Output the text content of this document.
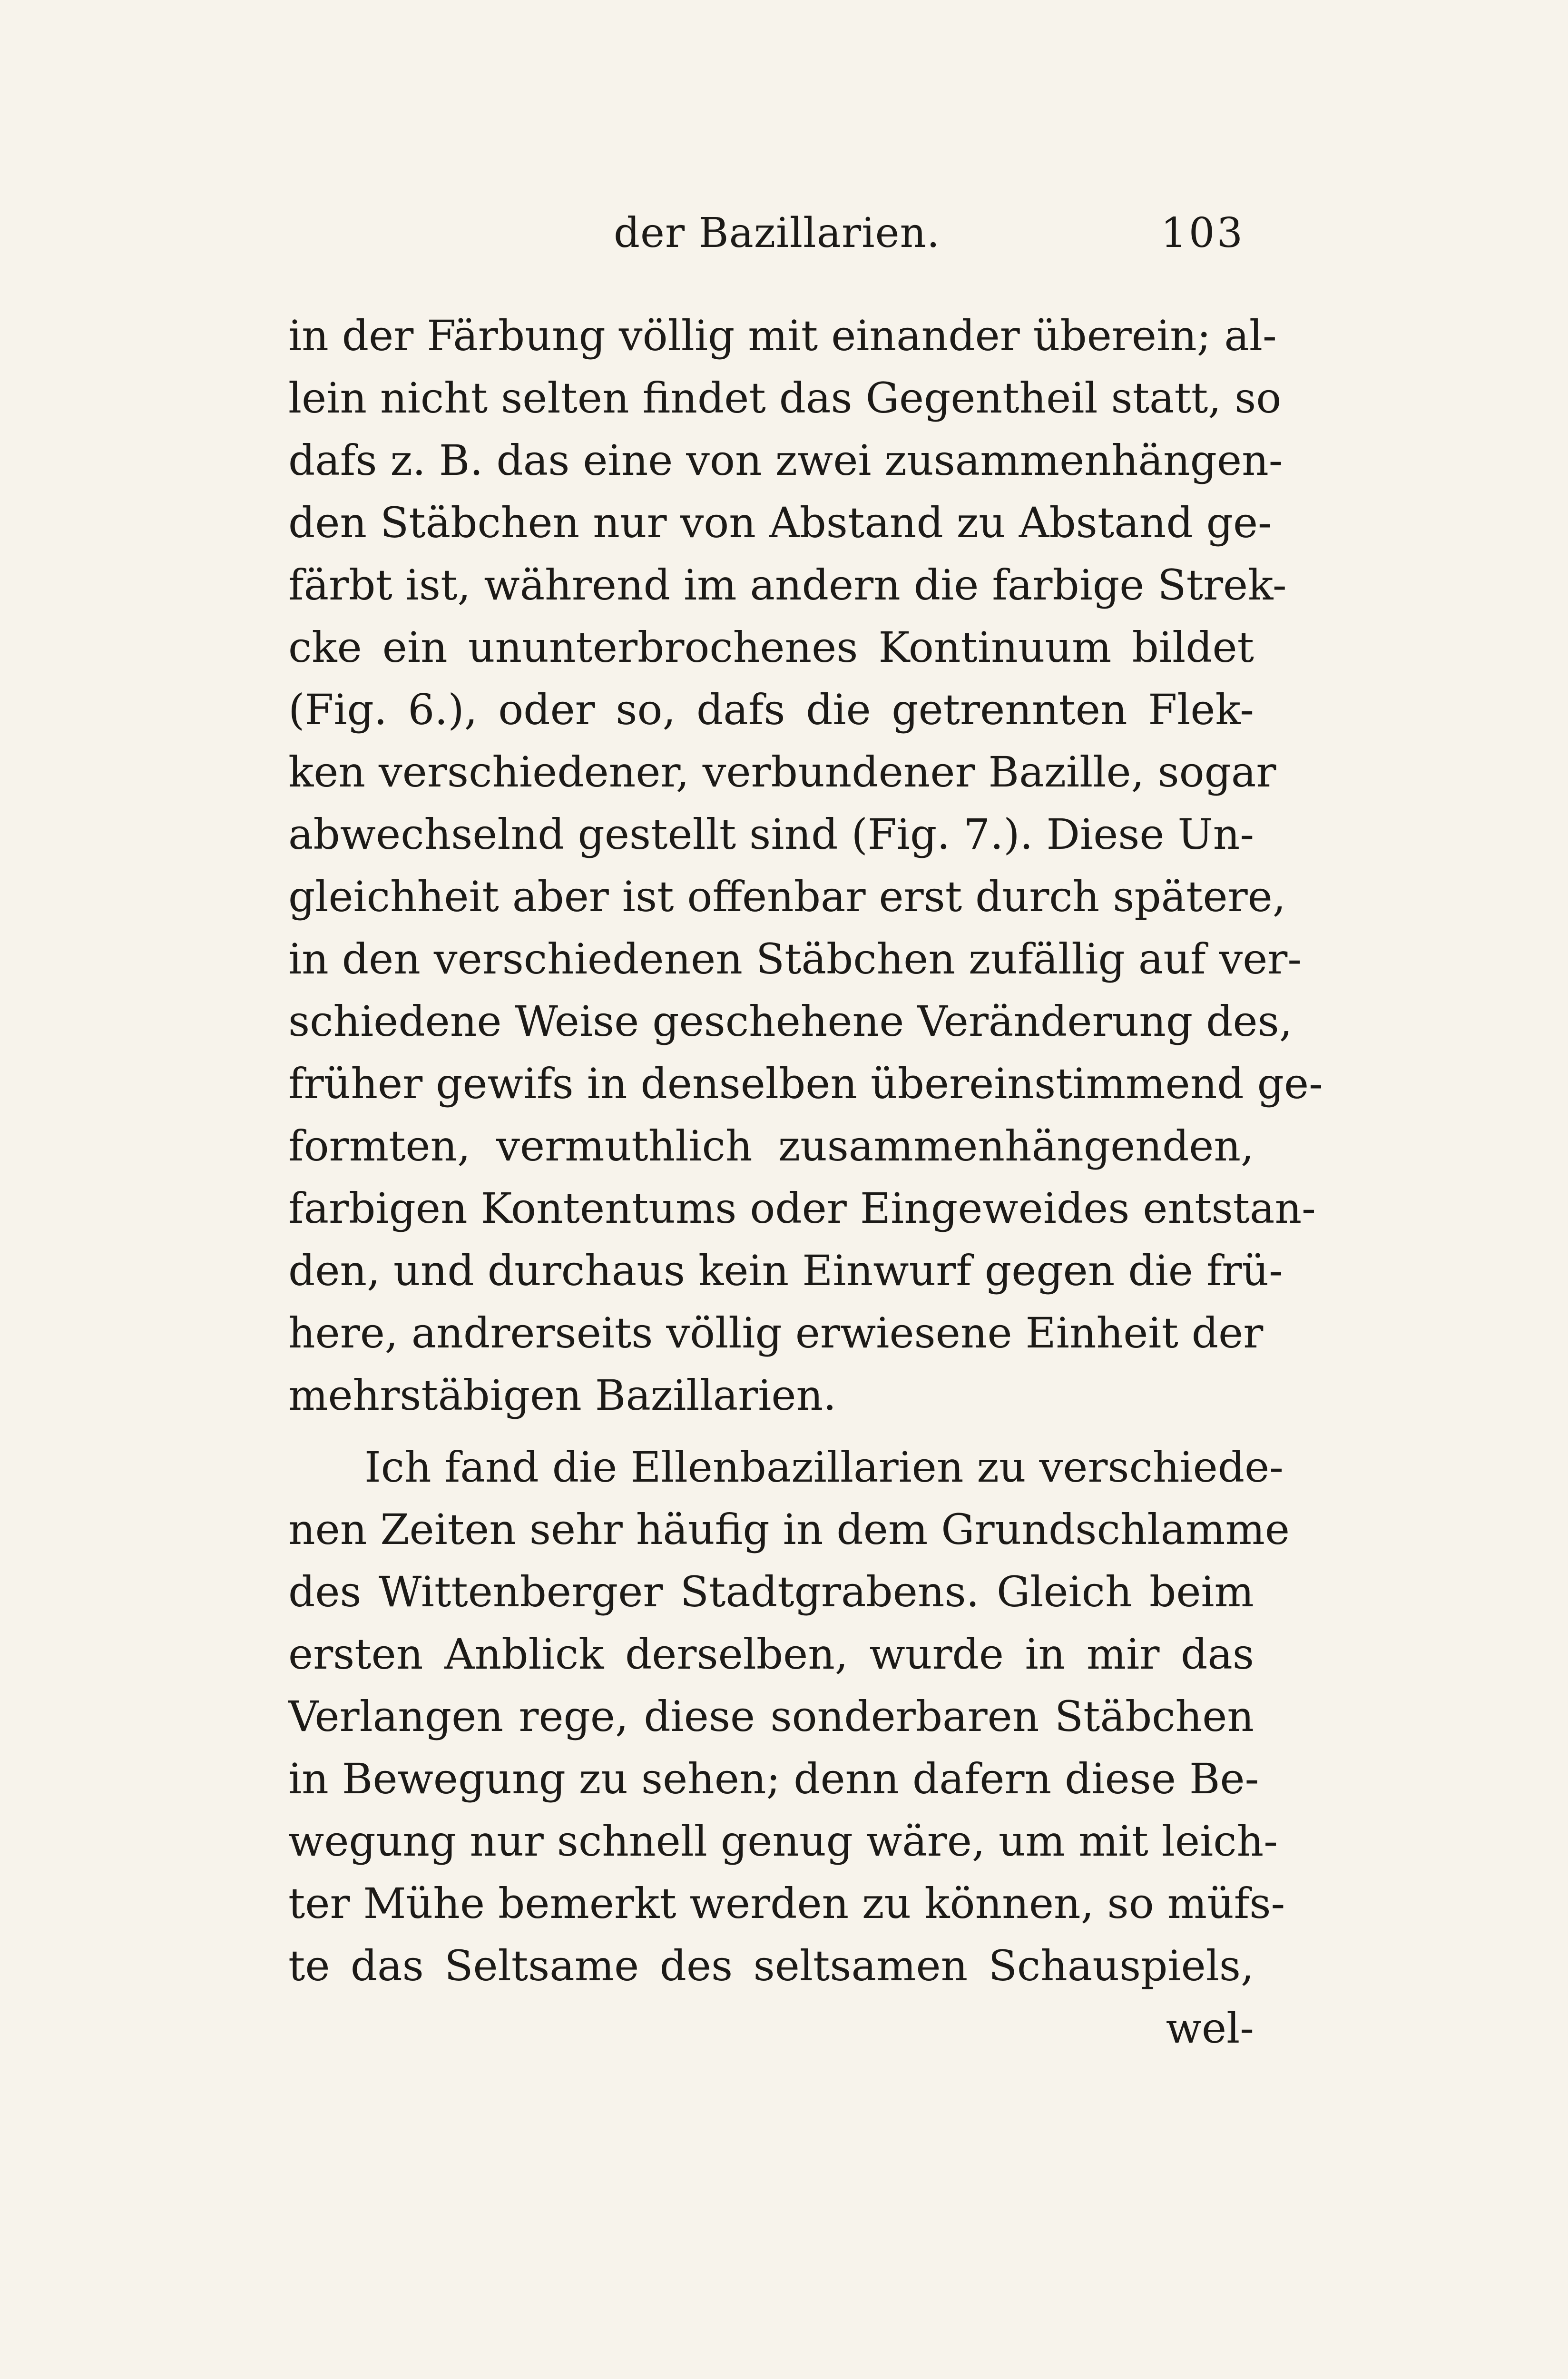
der Bazillarien.	103
in der Färbung völlig mit einander überein; al-
lein nicht selten findet das Gegentheil statt, so
dafs z. B. das eine von zwei zusammenhängen-
den Stäbchen nur von Abstand zu Abstand ge-
färbt ist, während im andern die farbige Strek-
cke ein ununterbrochenes Kontinuum bildet
(Fig. 6.), oder so, dafs die getrennten Flek-
ken verschiedener, verbundener Bazille, sogar
abwechselnd gestellt sind (Fig. 7.). Diese Un-
gleichheit aber ist offenbar erst durch spätere,
in den verschiedenen Stäbchen zufällig auf ver-
schiedene Weise geschehene Veränderung des,
früher gewifs in denselben übereinstimmend ge-
formten, vermuthlich zusammenhängenden,
farbigen Kontentums oder Eingeweides entstan-
den, und durchaus kein Einwurf gegen die frü-
here, andrerseits völlig erwiesene Einheit der
mehrstäbigen Bazillarien.
Ich fand die Ellenbazillarien zu verschiede-
nen Zeiten sehr häufig in dem Grundschlamme
des Wittenberger Stadtgrabens. Gleich beim
ersten Anblick derselben, wurde in mir das
Verlangen rege, diese sonderbaren Stäbchen
in Bewegung zu sehen; denn dafern diese Be-
wegung nur schnell genug wäre, um mit leich-
ter Mühe bemerkt werden zu können, so müfs-
te das Seltsame des seltsamen Schauspiels,
wel-
